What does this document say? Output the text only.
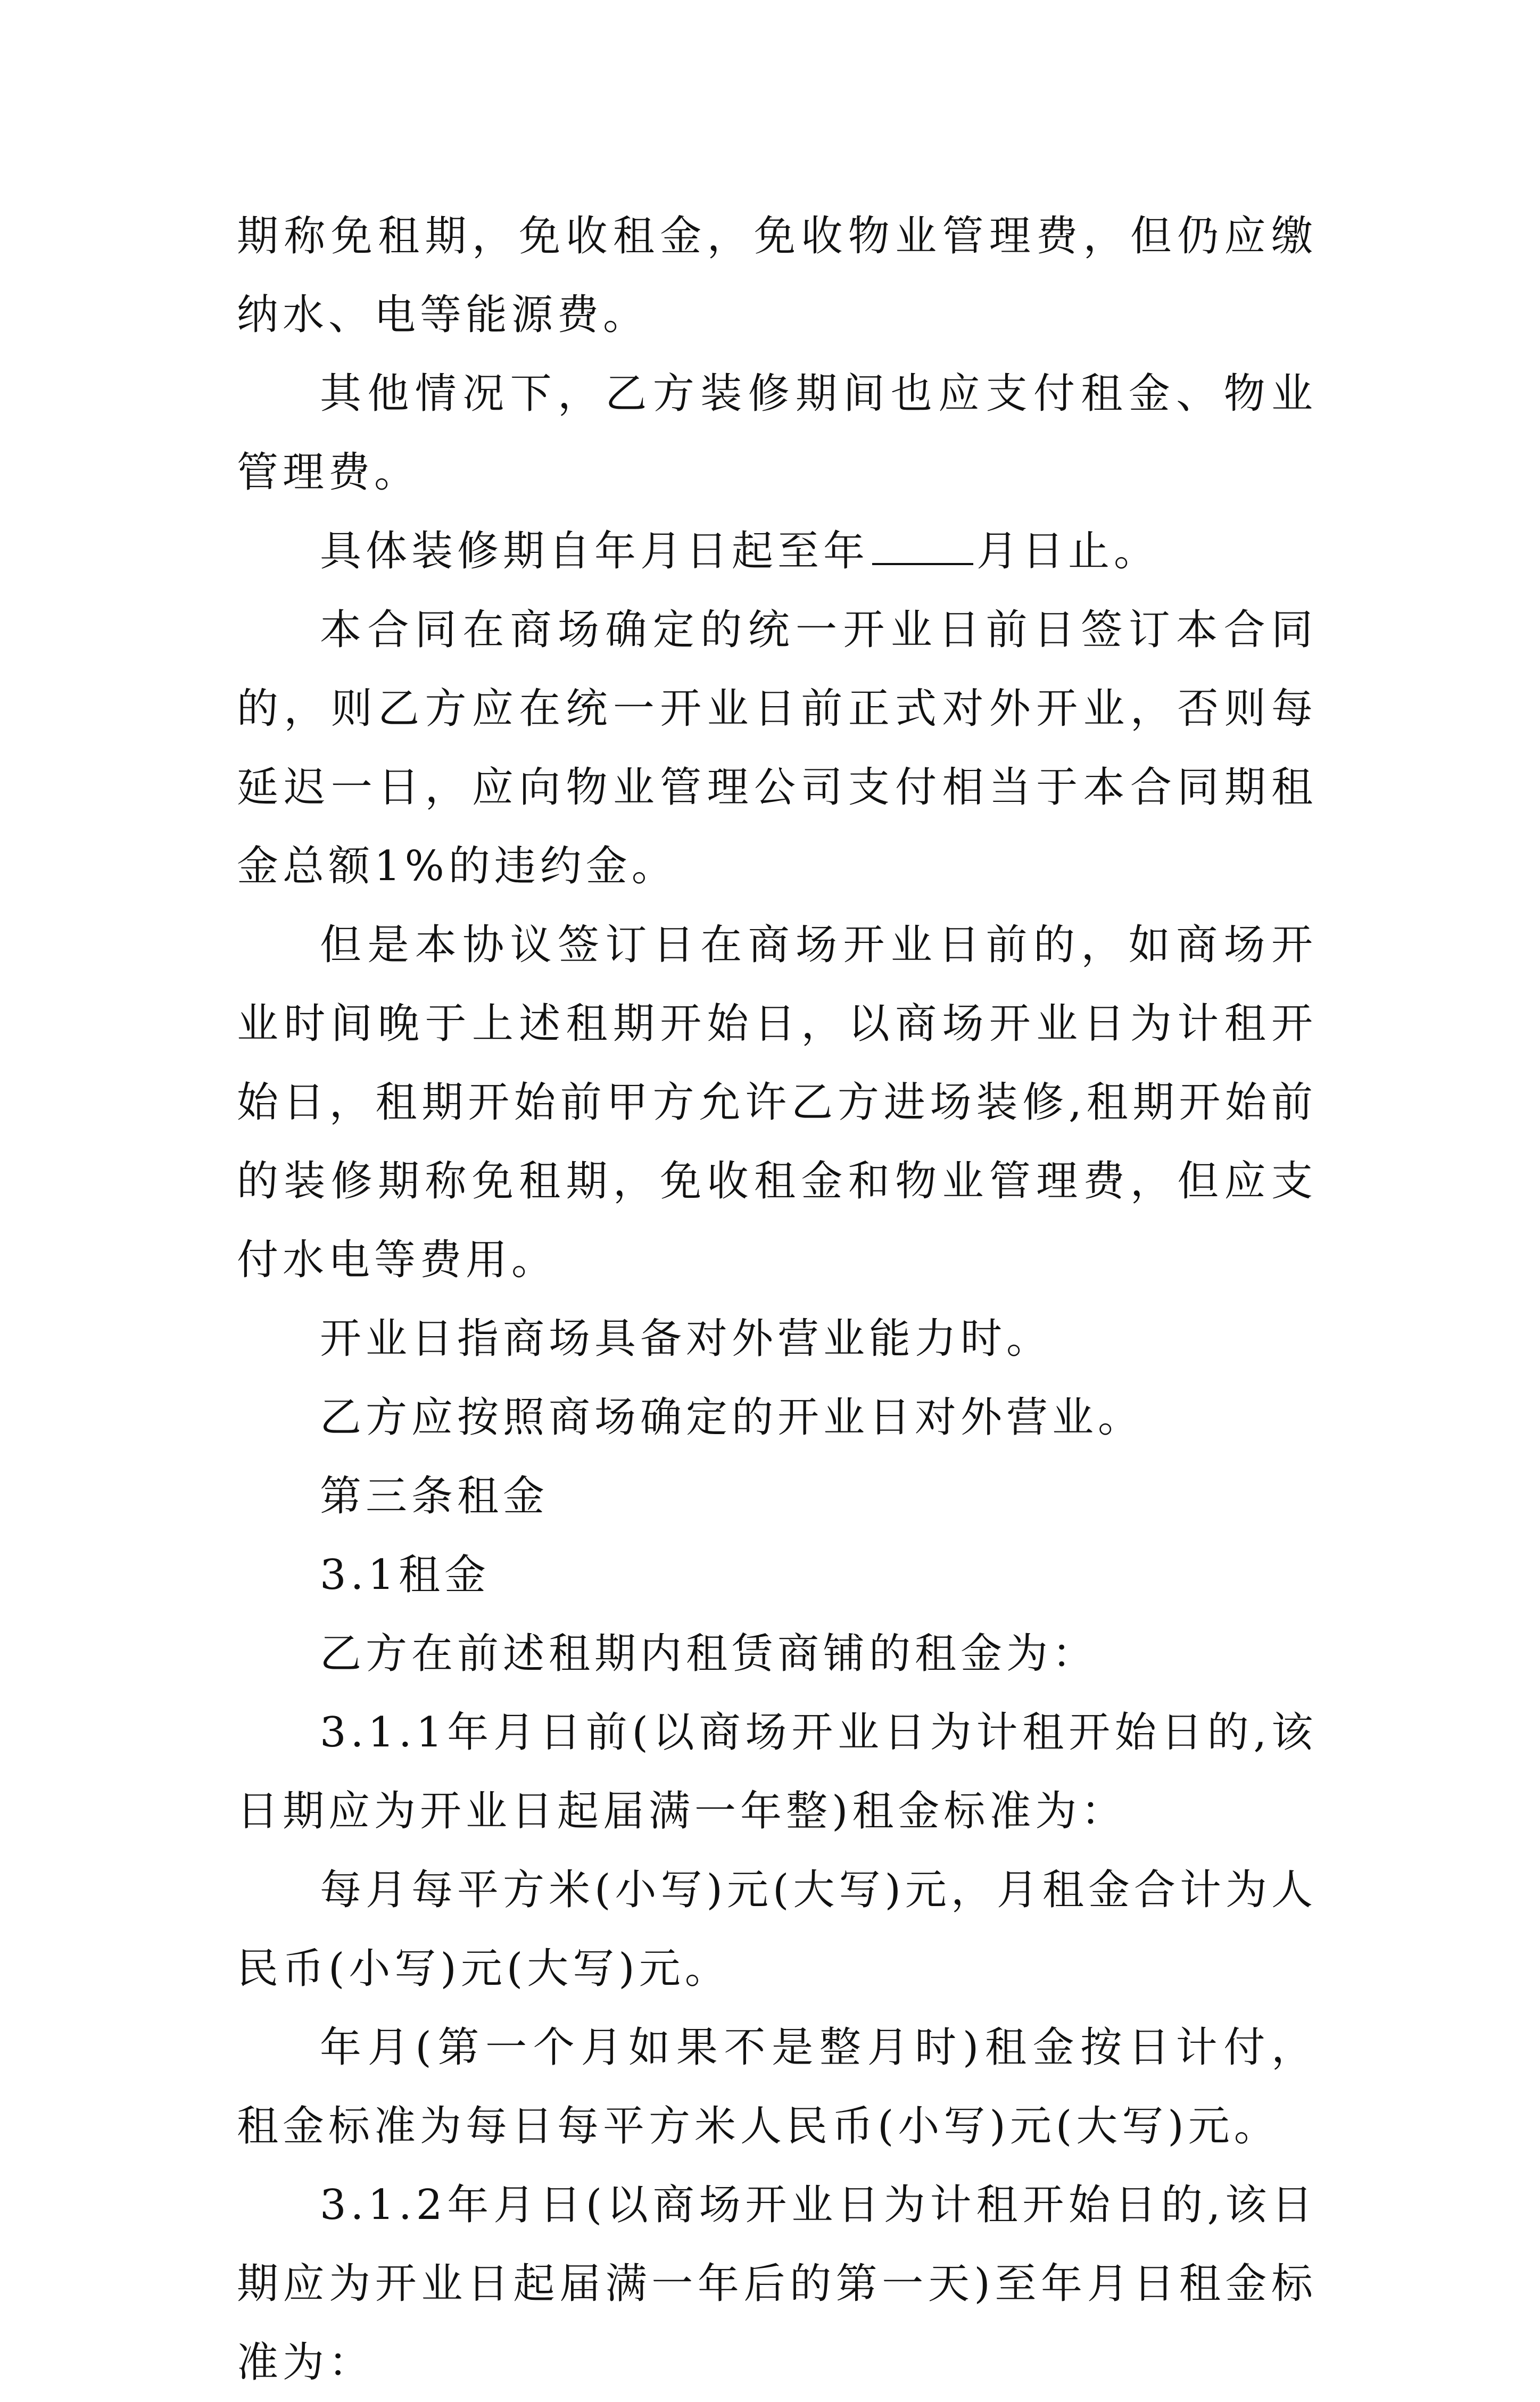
期称免租期，免收租金，免收物业管理费，但仍应缴纳水、电等能源费。

其他情况下，乙方装修期间也应支付租金、物业管理费。

具体装修期自年月日起至年	月日止。

本合同在商场确定的统一开业日前日签订本合同的，则乙方应在统一开业日前正式对外开业，否则每延迟一日，应向物业管理公司支付相当于本合同期租金总额1%的违约金。

但是本协议签订日在商场开业日前的，如商场开业时间晚于上述租期开始日，以商场开业日为计租开始日，租期开始前甲方允许乙方进场装修,租期开始前的装修期称免租期，免收租金和物业管理费，但应支付水电等费用。

开业日指商场具备对外营业能力时。

乙方应按照商场确定的开业日对外营业。

第三条租金

3.1租金

乙方在前述租期内租赁商铺的租金为：

3.1.1年月日前(以商场开业日为计租开始日的,该日期应为开业日起届满一年整)租金标准为：

每月每平方米(小写)元(大写)元，月租金合计为人民币(小写)元(大写)元。

年月(第一个月如果不是整月时)租金按日计付，租金标准为每日每平方米人民币(小写)元(大写)元。

3.1.2年月日(以商场开业日为计租开始日的,该日期应为开业日起届满一年后的第一天)至年月日租金标准为：
